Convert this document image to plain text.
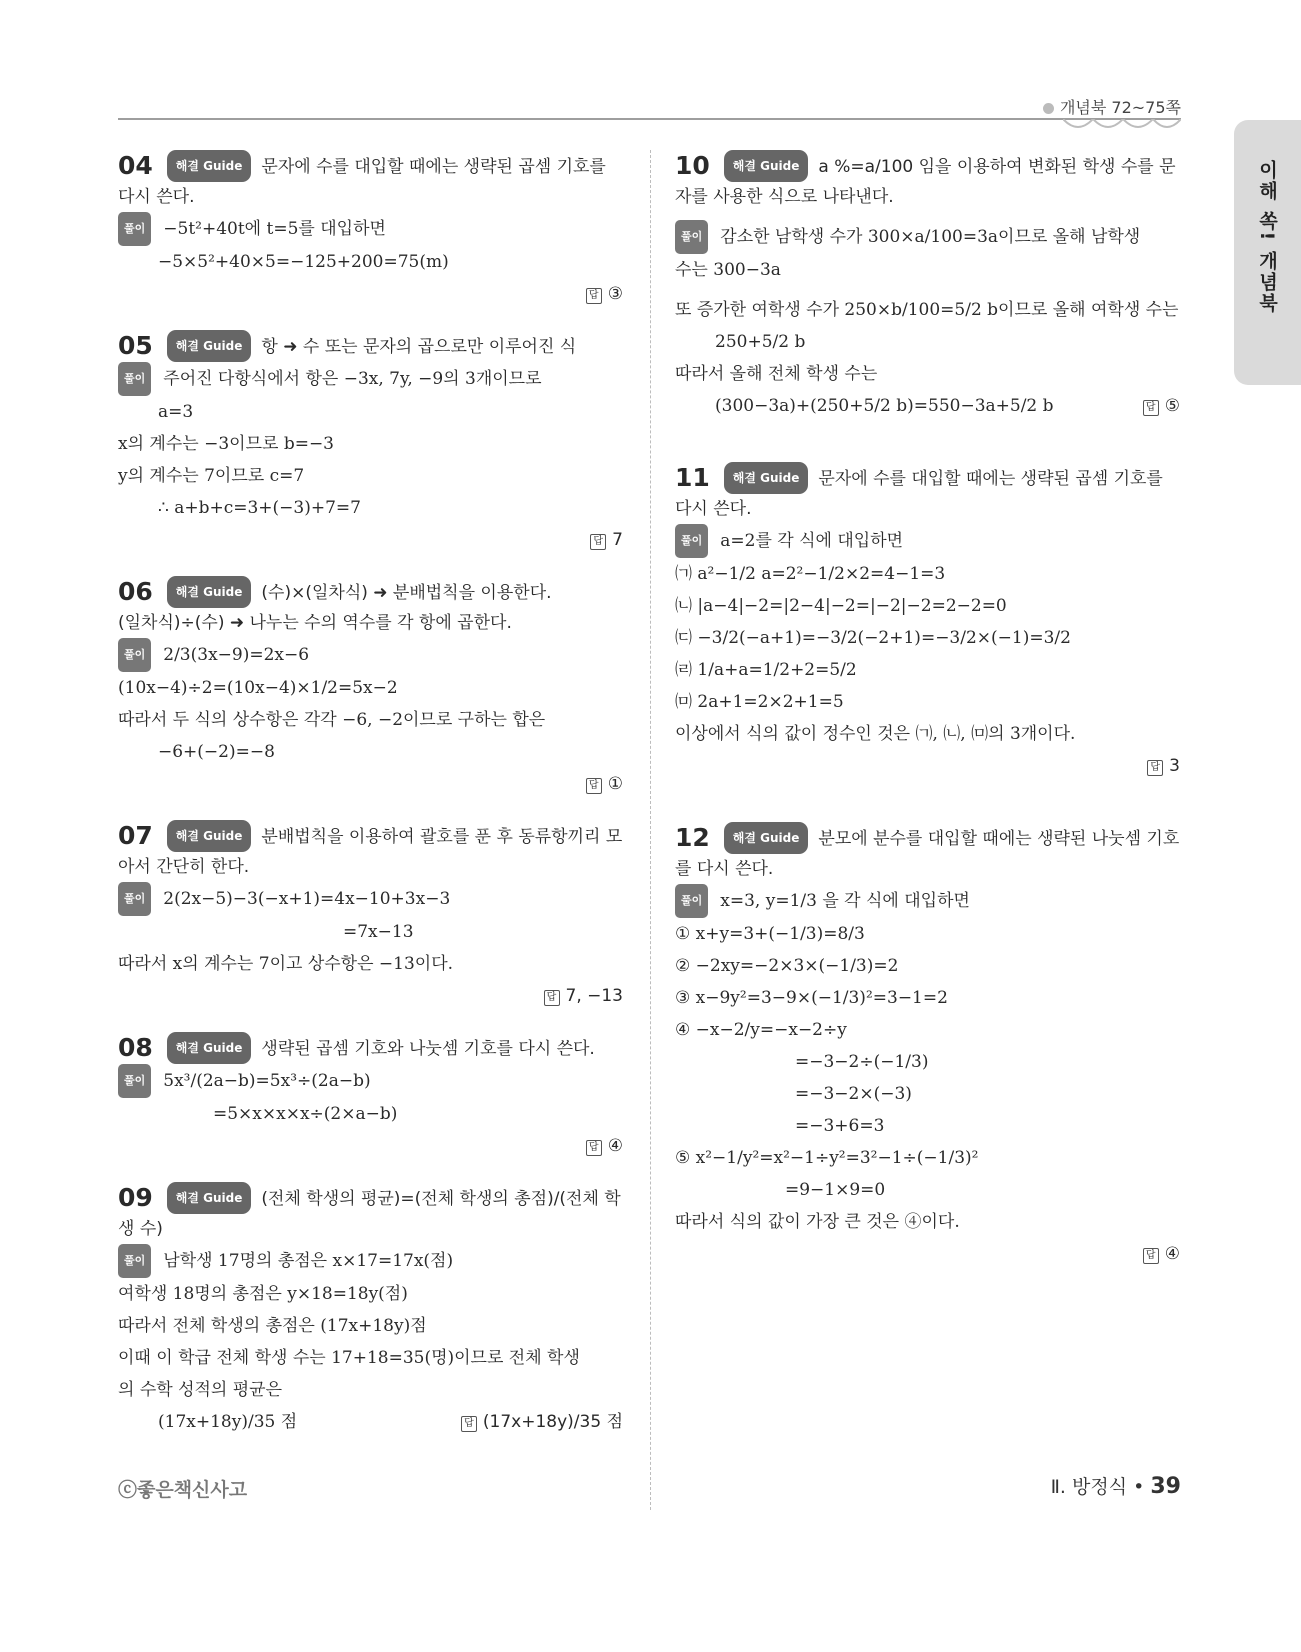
개념북 72~75쪽
이해 쏙! 개념북
04 해결 Guide 문자에 수를 대입할 때에는 생략된 곱셈 기호를 다시 쓴다.
풀이 −5t²+40t에 t=5를 대입하면
−5×5²+40×5=−125+200=75(m)
답 ③
05 해결 Guide 항 ➜ 수 또는 문자의 곱으로만 이루어진 식
풀이 주어진 다항식에서 항은 −3x, 7y, −9의 3개이므로
a=3
x의 계수는 −3이므로 b=−3
y의 계수는 7이므로 c=7
∴ a+b+c=3+(−3)+7=7
답 7
06 해결 Guide (수)×(일차식) ➜ 분배법칙을 이용한다.
(일차식)÷(수) ➜ 나누는 수의 역수를 각 항에 곱한다.
풀이 2/3(3x−9)=2x−6
(10x−4)÷2=(10x−4)×1/2=5x−2
따라서 두 식의 상수항은 각각 −6, −2이므로 구하는 합은
−6+(−2)=−8
답 ①
07 해결 Guide 분배법칙을 이용하여 괄호를 푼 후 동류항끼리 모아서 간단히 한다.
풀이 2(2x−5)−3(−x+1)=4x−10+3x−3
=7x−13
따라서 x의 계수는 7이고 상수항은 −13이다.
답 7, −13
08 해결 Guide 생략된 곱셈 기호와 나눗셈 기호를 다시 쓴다.
풀이 5x³/(2a−b)=5x³÷(2a−b)
=5×x×x×x÷(2×a−b)
답 ④
09 해결 Guide (전체 학생의 평균)=(전체 학생의 총점)/(전체 학생 수)
풀이 남학생 17명의 총점은 x×17=17x(점)
여학생 18명의 총점은 y×18=18y(점)
따라서 전체 학생의 총점은 (17x+18y)점
이때 이 학급 전체 학생 수는 17+18=35(명)이므로 전체 학생
의 수학 성적의 평균은
(17x+18y)/35 점	답 (17x+18y)/35 점
10 해결 Guide a %=a/100 임을 이용하여 변화된 학생 수를 문자를 사용한 식으로 나타낸다.
풀이 감소한 남학생 수가 300×a/100=3a이므로 올해 남학생
수는 300−3a
또 증가한 여학생 수가 250×b/100=5/2 b이므로 올해 여학생 수는
250+5/2 b
따라서 올해 전체 학생 수는
(300−3a)+(250+5/2 b)=550−3a+5/2 b	답 ⑤
11 해결 Guide 문자에 수를 대입할 때에는 생략된 곱셈 기호를 다시 쓴다.
풀이 a=2를 각 식에 대입하면
㈀ a²−1/2 a=2²−1/2×2=4−1=3
㈁ |a−4|−2=|2−4|−2=|−2|−2=2−2=0
㈂ −3/2(−a+1)=−3/2(−2+1)=−3/2×(−1)=3/2
㈃ 1/a+a=1/2+2=5/2
㈄ 2a+1=2×2+1=5
이상에서 식의 값이 정수인 것은 ㈀, ㈁, ㈄의 3개이다.
답 3
12 해결 Guide 분모에 분수를 대입할 때에는 생략된 나눗셈 기호를 다시 쓴다.
풀이 x=3, y=1/3 을 각 식에 대입하면
① x+y=3+(−1/3)=8/3
② −2xy=−2×3×(−1/3)=2
③ x−9y²=3−9×(−1/3)²=3−1=2
④ −x−2/y=−x−2÷y
=−3−2÷(−1/3)
=−3−2×(−3)
=−3+6=3
⑤ x²−1/y²=x²−1÷y²=3²−1÷(−1/3)²
=9−1×9=0
따라서 식의 값이 가장 큰 것은 ④이다.
답 ④
ⓒ좋은책신사고	Ⅱ. 방정식 • 39
